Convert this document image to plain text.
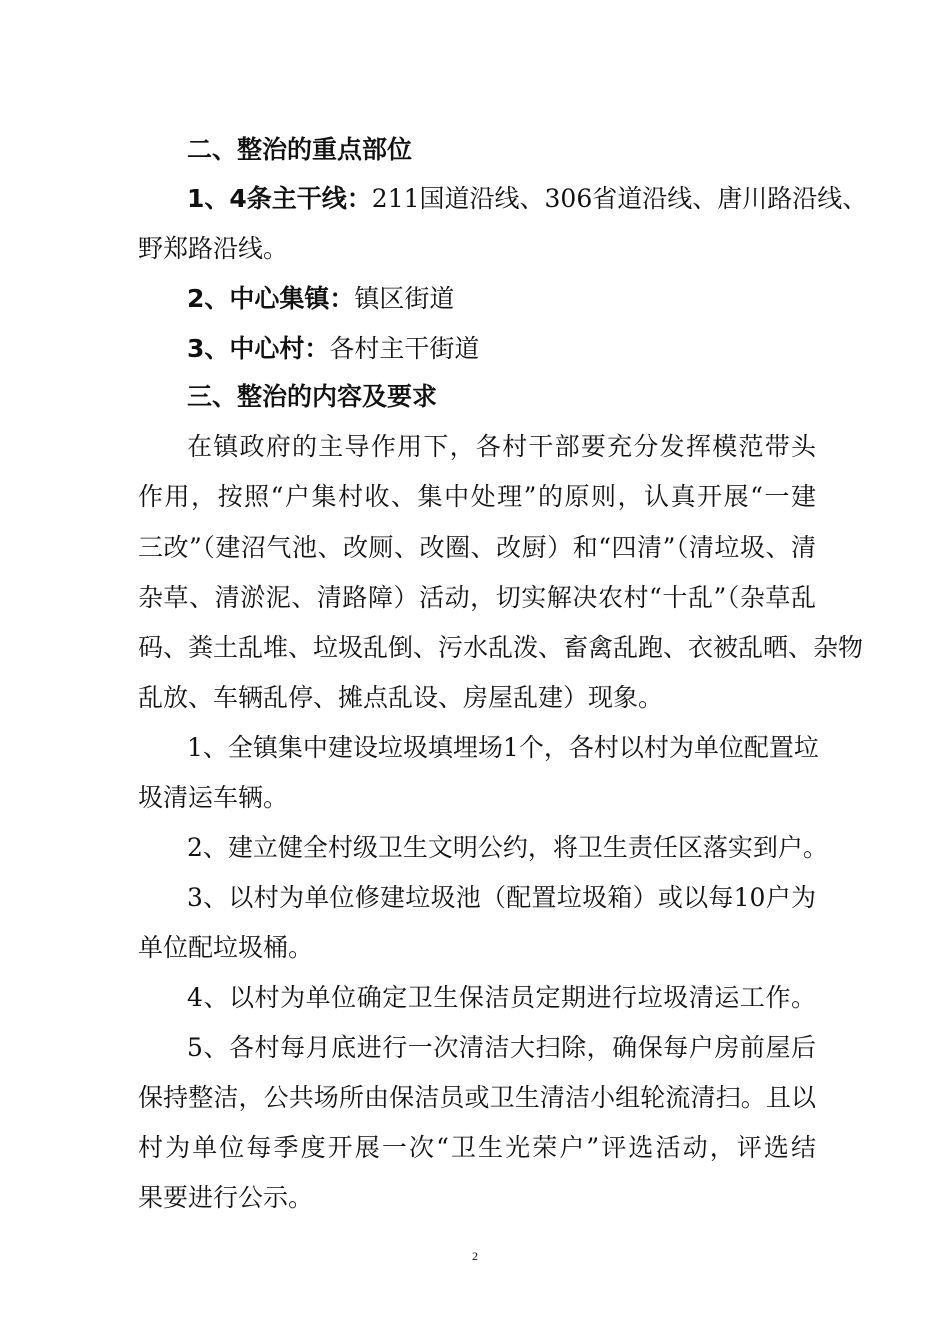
二、整治的重点部位
1、4条主干线：211国道沿线、306省道沿线、唐川路沿线、
野郑路沿线。
2、中心集镇：镇区街道
3、中心村：各村主干街道
三、整治的内容及要求
在镇政府的主导作用下，各村干部要充分发挥模范带头
作用，按照“户集村收、集中处理”的原则，认真开展“一建
三改”（建沼气池、改厕、改圈、改厨）和“四清”（清垃圾、清
杂草、清淤泥、清路障）活动，切实解决农村“十乱”（杂草乱
码、粪土乱堆、垃圾乱倒、污水乱泼、畜禽乱跑、衣被乱晒、杂物
乱放、车辆乱停、摊点乱设、房屋乱建）现象。
1、全镇集中建设垃圾填埋场1个，各村以村为单位配置垃
圾清运车辆。
2、建立健全村级卫生文明公约，将卫生责任区落实到户。
3、以村为单位修建垃圾池（配置垃圾箱）或以每10户为
单位配垃圾桶。
4、以村为单位确定卫生保洁员定期进行垃圾清运工作。
5、各村每月底进行一次清洁大扫除，确保每户房前屋后
保持整洁，公共场所由保洁员或卫生清洁小组轮流清扫。且以
村为单位每季度开展一次“卫生光荣户”评选活动，评选结
果要进行公示。
2
